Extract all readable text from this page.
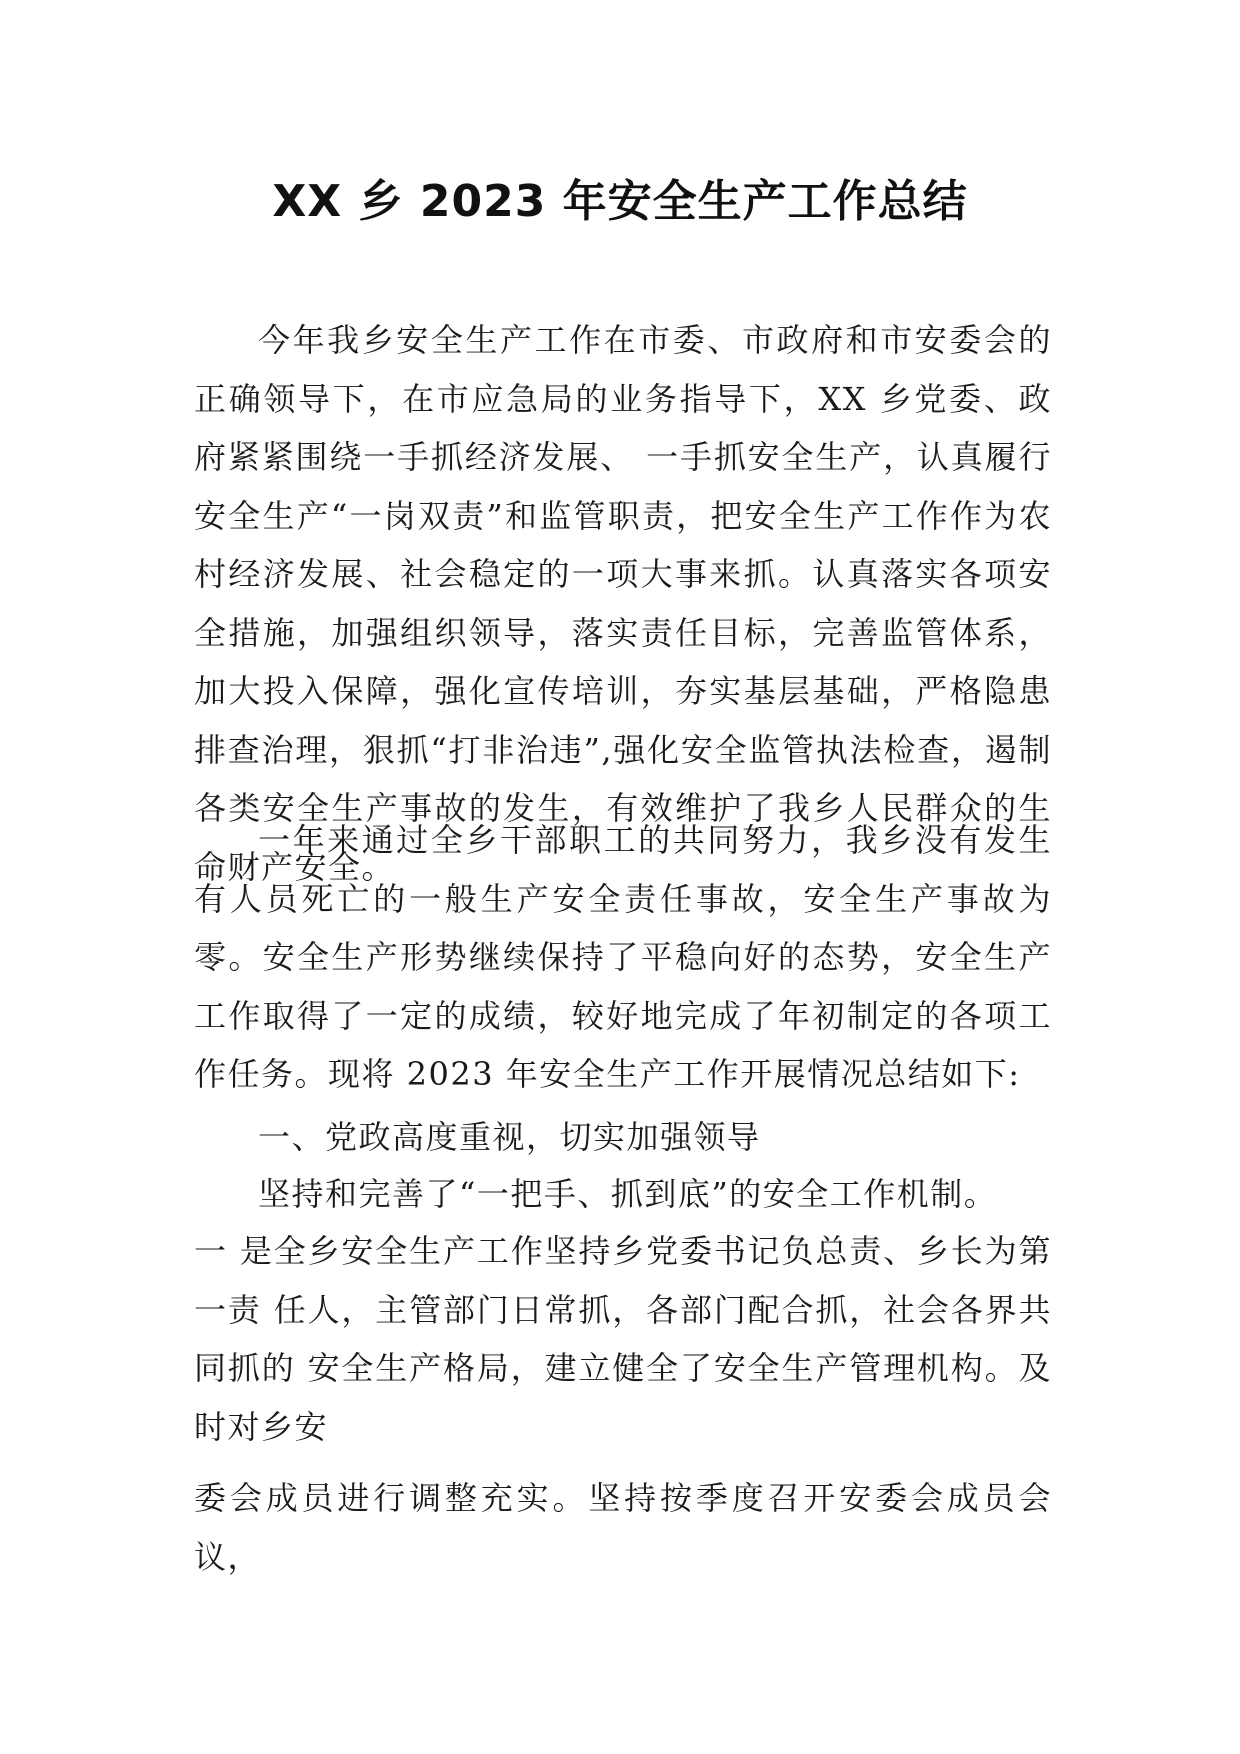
XX 乡 2023 年安全生产工作总结

今年我乡安全生产工作在市委、市政府和市安委会的正确领导下，在市应急局的业务指导下，XX 乡党委、政府紧紧围绕一手抓经济发展、 一手抓安全生产，认真履行安全生产“一岗双责”和监管职责，把安全生产工作作为农村经济发展、社会稳定的一项大事来抓。认真落实各项安全措施，加强组织领导，落实责任目标，完善监管体系，加大投入保障，强化宣传培训，夯实基层基础，严格隐患排查治理，狠抓“打非治违”,强化安全监管执法检查，遏制各类安全生产事故的发生，有效维护了我乡人民群众的生命财产安全。

一年来通过全乡干部职工的共同努力，我乡没有发生有人员死亡的一般生产安全责任事故，安全生产事故为零。安全生产形势继续保持了平稳向好的态势，安全生产工作取得了一定的成绩，较好地完成了年初制定的各项工作任务。现将 2023 年安全生产工作开展情况总结如下:

一、党政高度重视，切实加强领导

坚持和完善了“一把手、抓到底”的安全工作机制。

一 是全乡安全生产工作坚持乡党委书记负总责、乡长为第一责 任人，主管部门日常抓，各部门配合抓，社会各界共同抓的 安全生产格局，建立健全了安全生产管理机构。及时对乡安

委会成员进行调整充实。坚持按季度召开安委会成员会议，
